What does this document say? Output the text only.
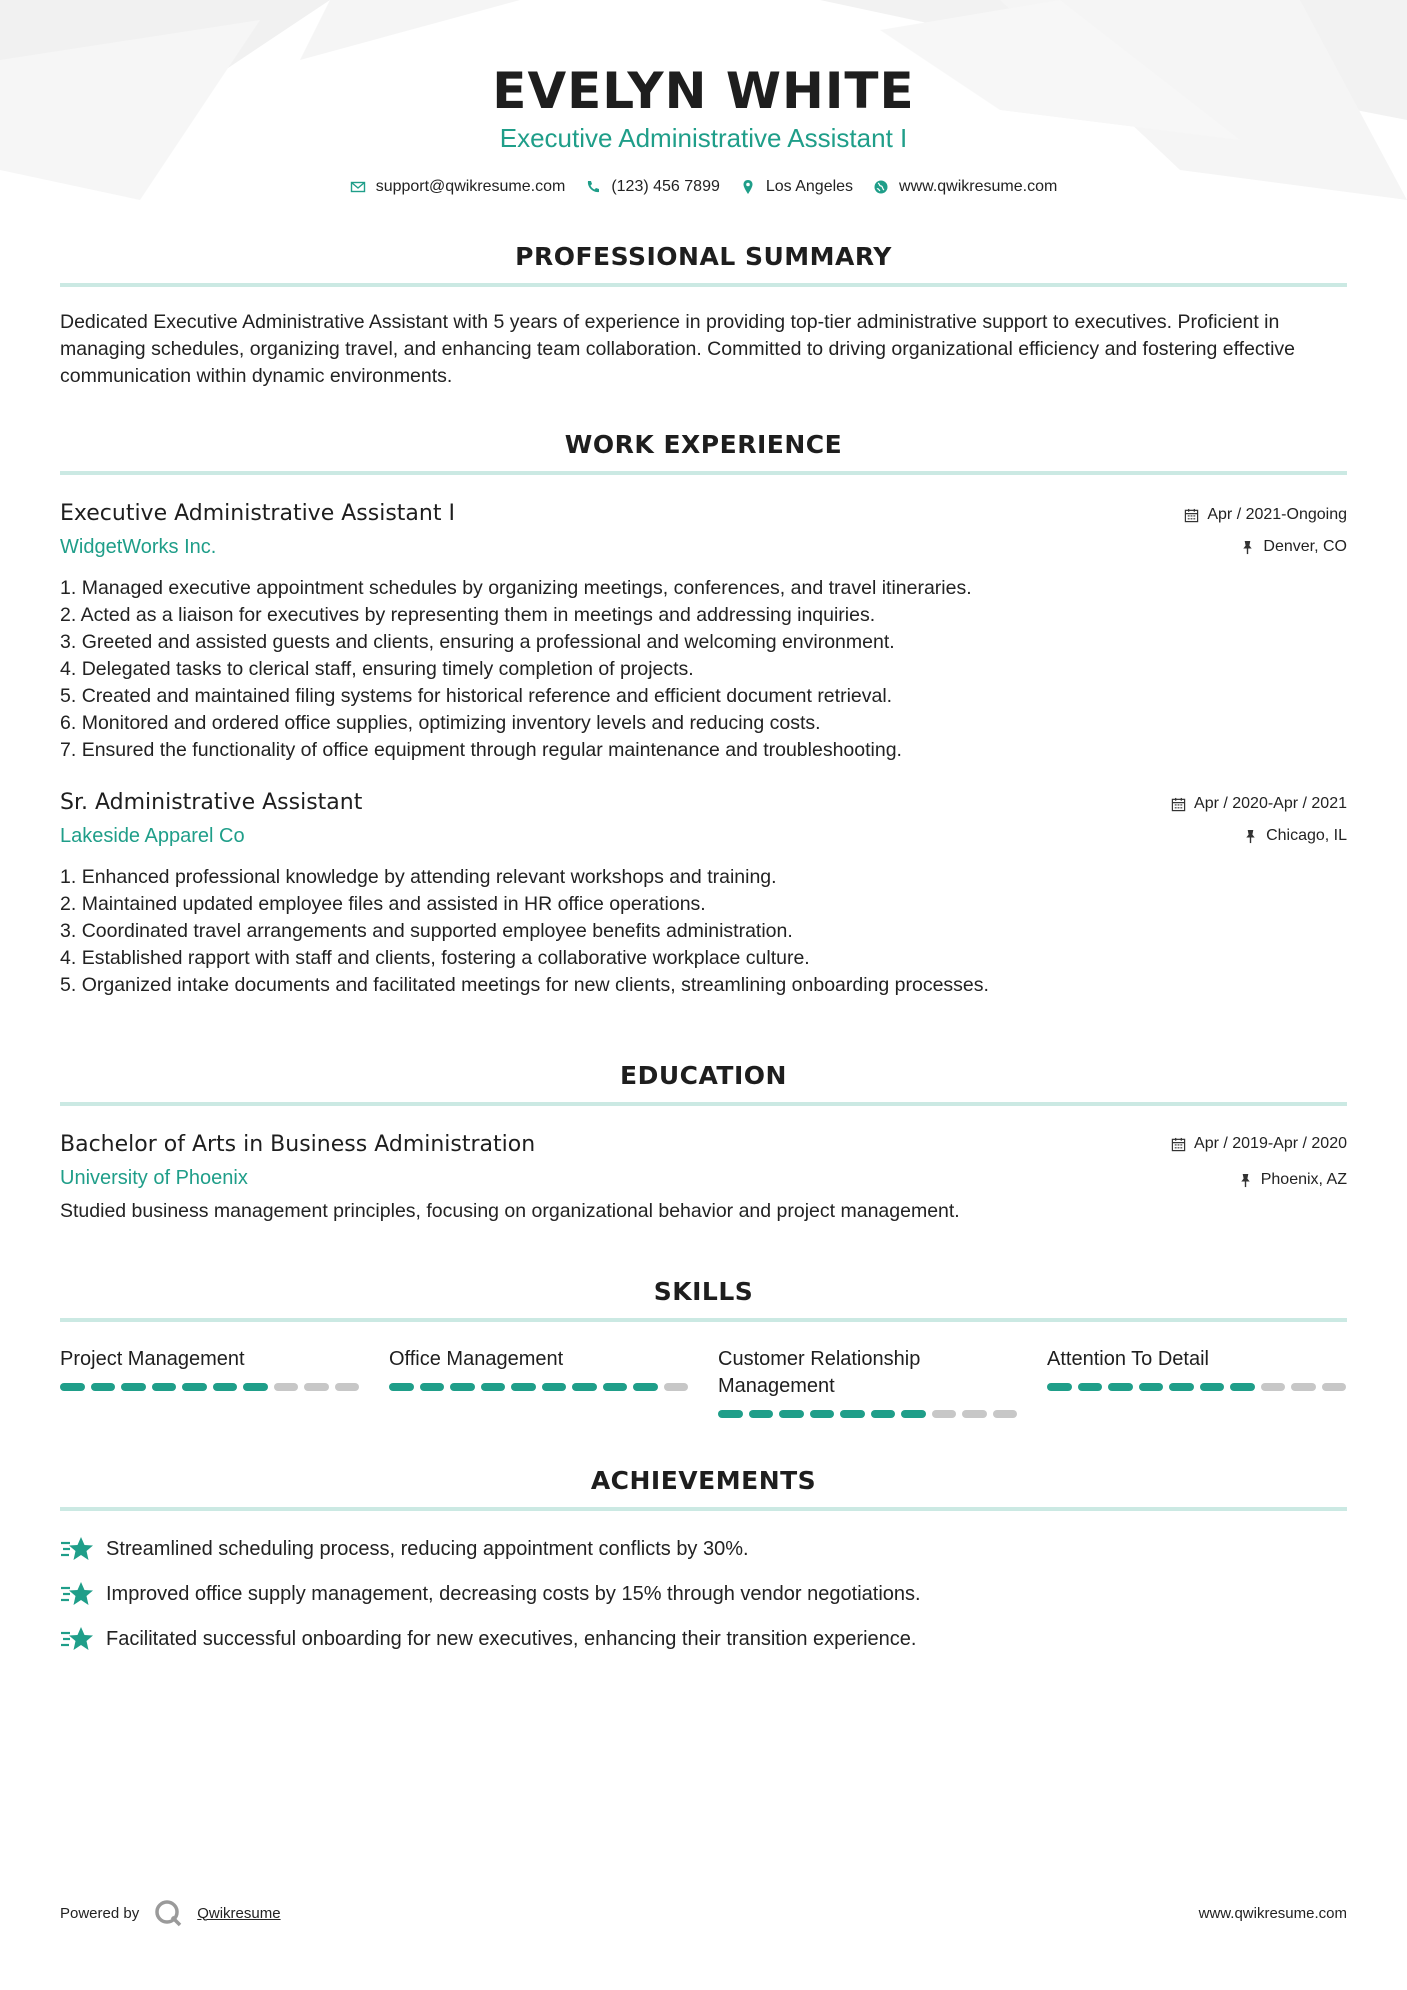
EVELYN WHITE
Executive Administrative Assistant I
support@qwikresume.com	(123) 456 7899	Los Angeles	www.qwikresume.com
PROFESSIONAL SUMMARY

Dedicated Executive Administrative Assistant with 5 years of experience in providing top-tier administrative support to executives. Proficient in managing schedules, organizing travel, and enhancing team collaboration. Committed to driving organizational efficiency and fostering effective communication within dynamic environments.

WORK EXPERIENCE
Executive Administrative Assistant I
WidgetWorks Inc.
Apr / 2021-Ongoing
Denver, CO
Managed executive appointment schedules by organizing meetings, conferences, and travel itineraries.
Acted as a liaison for executives by representing them in meetings and addressing inquiries.
Greeted and assisted guests and clients, ensuring a professional and welcoming environment.
Delegated tasks to clerical staff, ensuring timely completion of projects.
Created and maintained filing systems for historical reference and efficient document retrieval.
Monitored and ordered office supplies, optimizing inventory levels and reducing costs.
Ensured the functionality of office equipment through regular maintenance and troubleshooting.
Sr. Administrative Assistant
Lakeside Apparel Co
Apr / 2020-Apr / 2021
Chicago, IL
Enhanced professional knowledge by attending relevant workshops and training.
Maintained updated employee files and assisted in HR office operations.
Coordinated travel arrangements and supported employee benefits administration.
Established rapport with staff and clients, fostering a collaborative workplace culture.
Organized intake documents and facilitated meetings for new clients, streamlining onboarding processes.
EDUCATION
Bachelor of Arts in Business Administration
University of Phoenix
Apr / 2019-Apr / 2020
Phoenix, AZ

Studied business management principles, focusing on organizational behavior and project management.

SKILLS
Project Management	Office Management	Customer Relationship Management
Attention To Detail
ACHIEVEMENTS
Streamlined scheduling process, reducing appointment conflicts by 30%.
Improved office supply management, decreasing costs by 15% through vendor negotiations.
Facilitated successful onboarding for new executives, enhancing their transition experience.
Powered by	Qwikresume	www.qwikresume.com
